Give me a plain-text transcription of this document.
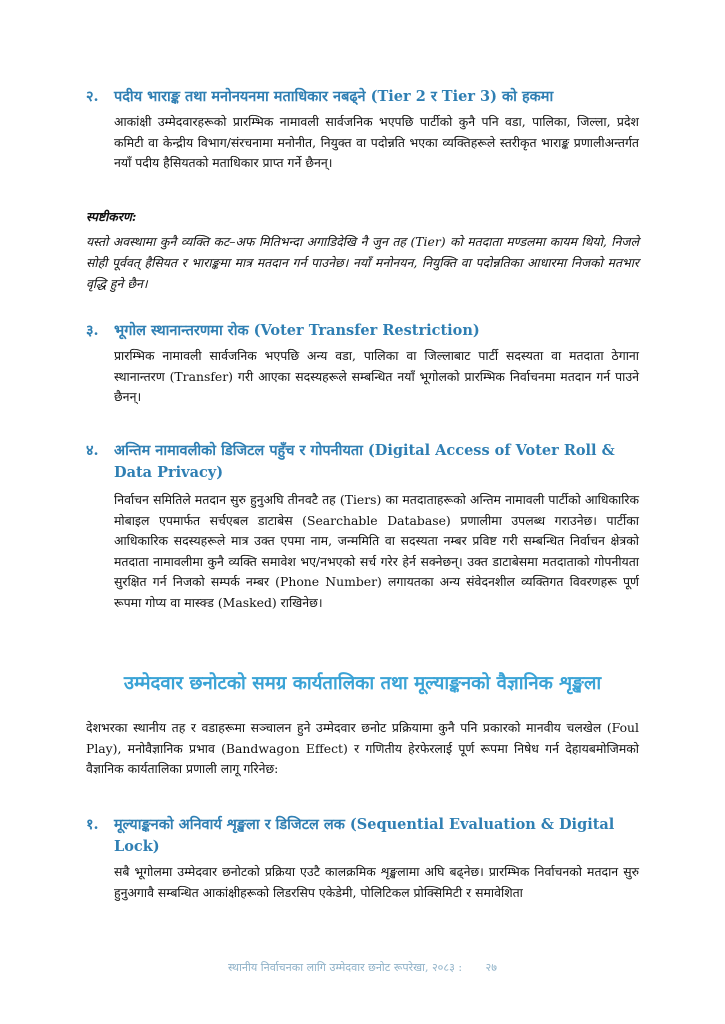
२.	पदीय भाराङ्क तथा मनोनयनमा मताधिकार नबढ्ने (Tier 2 र Tier 3) को हकमा
आकांक्षी उम्मेदवारहरूको प्रारम्भिक नामावली सार्वजनिक भएपछि पार्टीको कुनै पनि वडा, पालिका, जिल्ला, प्रदेश कमिटी वा केन्द्रीय विभाग/संरचनामा मनोनीत, नियुक्त वा पदोन्नति भएका व्यक्तिहरूले स्तरीकृत भाराङ्क प्रणालीअन्तर्गत नयाँ पदीय हैसियतको मताधिकार प्राप्त गर्ने छैनन्।
स्पष्टीकरण:
यस्तो अवस्थामा कुनै व्यक्ति कट–अफ मितिभन्दा अगाडिदेखि नै जुन तह (Tier) को मतदाता मण्डलमा कायम थियो, निजले सोही पूर्ववत् हैसियत र भाराङ्कमा मात्र मतदान गर्न पाउनेछ। नयाँ मनोनयन, नियुक्ति वा पदोन्नतिका आधारमा निजको मतभार वृद्धि हुने छैन।
३.	भूगोल स्थानान्तरणमा रोक (Voter Transfer Restriction)
प्रारम्भिक नामावली सार्वजनिक भएपछि अन्य वडा, पालिका वा जिल्लाबाट पार्टी सदस्यता वा मतदाता ठेगाना स्थानान्तरण (Transfer) गरी आएका सदस्यहरूले सम्बन्धित नयाँ भूगोलको प्रारम्भिक निर्वाचनमा मतदान गर्न पाउने छैनन्।
४.	अन्तिम नामावलीको डिजिटल पहुँच र गोपनीयता (Digital Access of Voter Roll & Data Privacy)
निर्वाचन समितिले मतदान सुरु हुनुअघि तीनवटै तह (Tiers) का मतदाताहरूको अन्तिम नामावली पार्टीको आधिकारिक मोबाइल एपमार्फत सर्चएबल डाटाबेस (Searchable Database) प्रणालीमा उपलब्ध गराउनेछ। पार्टीका आधिकारिक सदस्यहरूले मात्र उक्त एपमा नाम, जन्ममिति वा सदस्यता नम्बर प्रविष्ट गरी सम्बन्धित निर्वाचन क्षेत्रको मतदाता नामावलीमा कुनै व्यक्ति समावेश भए/नभएको सर्च गरेर हेर्न सक्नेछन्। उक्त डाटाबेसमा मतदाताको गोपनीयता सुरक्षित गर्न निजको सम्पर्क नम्बर (Phone Number) लगायतका अन्य संवेदनशील व्यक्तिगत विवरणहरू पूर्ण रूपमा गोप्य वा मास्क्ड (Masked) राखिनेछ।
उम्मेदवार छनोटको समग्र कार्यतालिका तथा मूल्याङ्कनको वैज्ञानिक शृङ्खला
देशभरका स्थानीय तह र वडाहरूमा सञ्चालन हुने उम्मेदवार छनोट प्रक्रियामा कुनै पनि प्रकारको मानवीय चलखेल (Foul Play), मनोवैज्ञानिक प्रभाव (Bandwagon Effect) र गणितीय हेरफेरलाई पूर्ण रूपमा निषेध गर्न देहायबमोजिमको वैज्ञानिक कार्यतालिका प्रणाली लागू गरिनेछ:
१.	मूल्याङ्कनको अनिवार्य शृङ्खला र डिजिटल लक (Sequential Evaluation & Digital Lock)
सबै भूगोलमा उम्मेदवार छनोटको प्रक्रिया एउटै कालक्रमिक शृङ्खलामा अघि बढ्नेछ। प्रारम्भिक निर्वाचनको मतदान सुरु हुनुअगावै सम्बन्धित आकांक्षीहरूको लिडरसिप एकेडेमी, पोलिटिकल प्रोक्सिमिटी र समावेशिता
स्थानीय निर्वाचनका लागि उम्मेदवार छनोट रूपरेखा, २०८३ : २७
